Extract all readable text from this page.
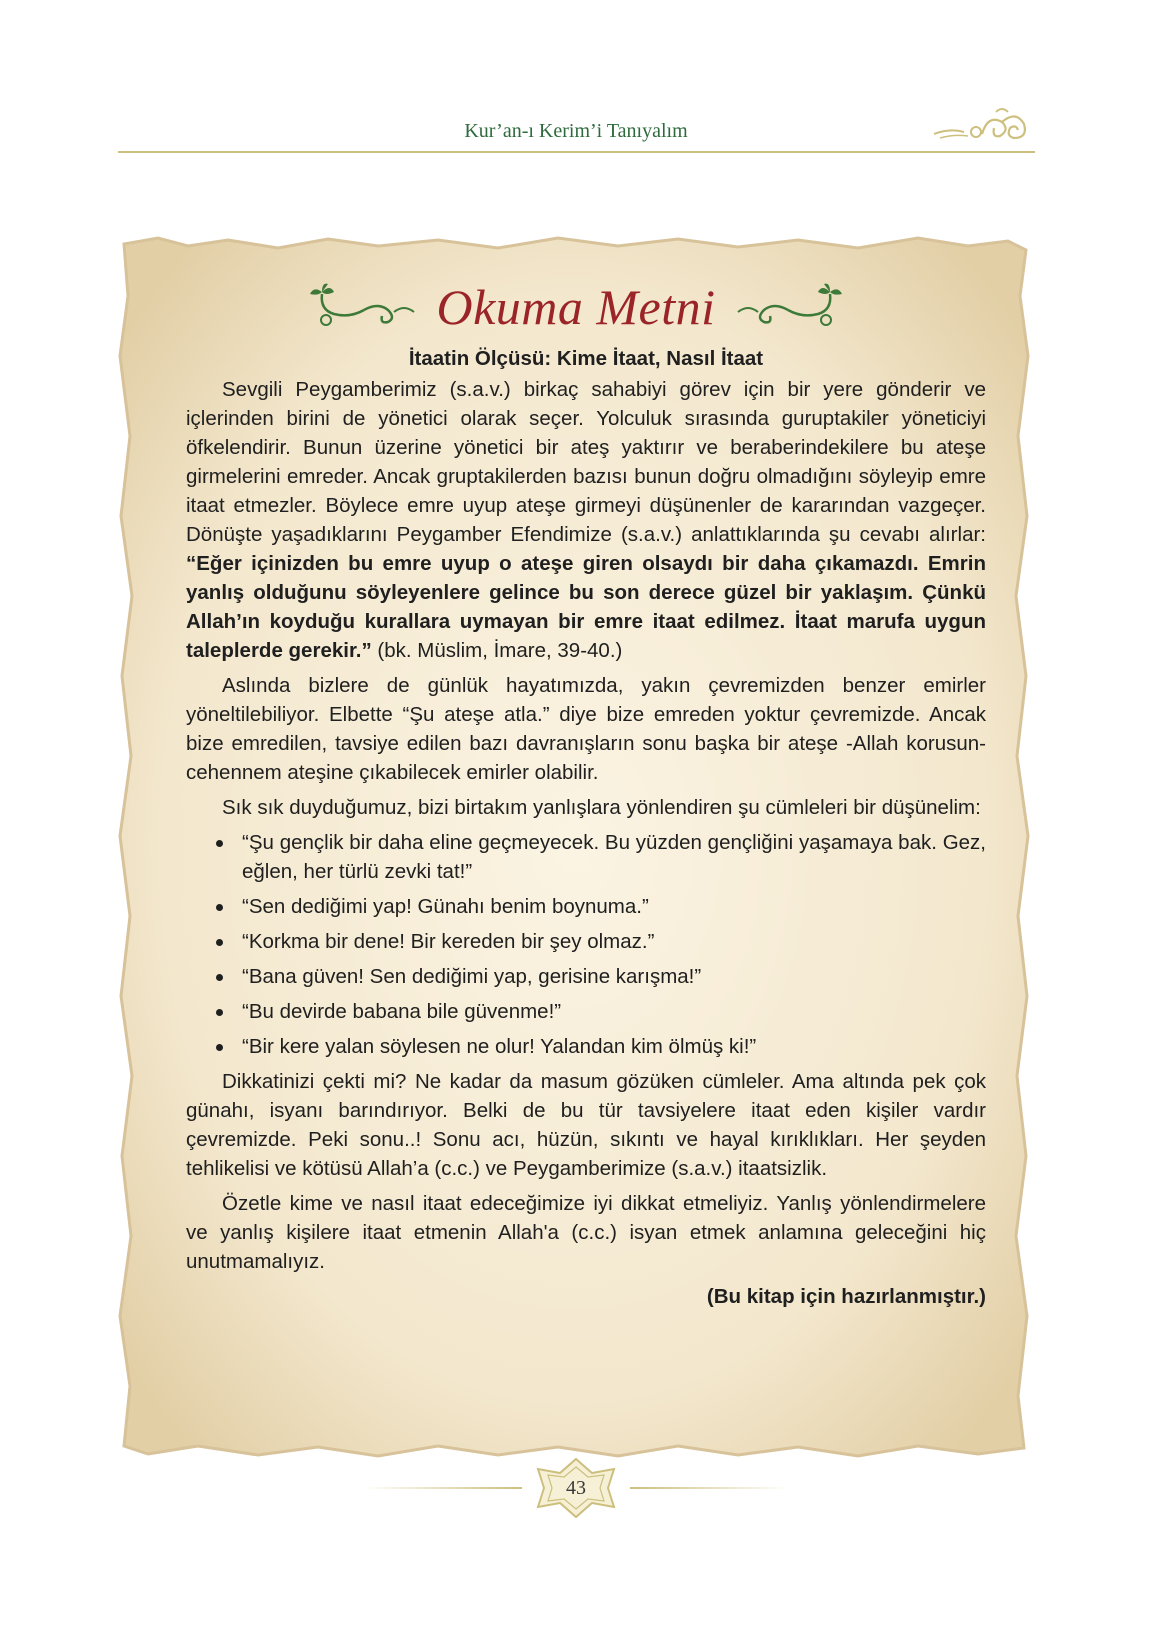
Kur’an-ı Kerim’i Tanıyalım
Okuma Metni
İtaatin Ölçüsü: Kime İtaat, Nasıl İtaat

Sevgili Peygamberimiz (s.a.v.) birkaç sahabiyi görev için bir yere gönderir ve içlerinden birini de yönetici olarak seçer. Yolculuk sırasında guruptakiler yöneticiyi öfkelendirir. Bunun üzerine yönetici bir ateş yaktırır ve beraberindekilere bu ateşe girmelerini emreder. Ancak gruptakilerden bazısı bunun doğru olmadığını söyleyip emre itaat etmezler. Böylece emre uyup ateşe girmeyi düşünenler de kararından vazgeçer. Dönüşte yaşadıklarını Peygamber Efendimize (s.a.v.) anlattıklarında şu cevabı alırlar: “Eğer içinizden bu emre uyup o ateşe giren olsaydı bir daha çıkamazdı. Emrin yanlış olduğunu söyleyenlere gelince bu son derece güzel bir yaklaşım. Çünkü Allah’ın koyduğu kurallara uymayan bir emre itaat edilmez. İtaat marufa uygun taleplerde gerekir.” (bk. Müslim, İmare, 39-40.)

Aslında bizlere de günlük hayatımızda, yakın çevremizden benzer emirler yöneltilebiliyor. Elbette “Şu ateşe atla.” diye bize emreden yoktur çevremizde. Ancak bize emredilen, tavsiye edilen bazı davranışların sonu başka bir ateşe -Allah korusun- cehennem ateşine çıkabilecek emirler olabilir.

Sık sık duyduğumuz, bizi birtakım yanlışlara yönlendiren şu cümleleri bir düşünelim:

“Şu gençlik bir daha eline geçmeyecek. Bu yüzden gençliğini yaşamaya bak. Gez, eğlen, her türlü zevki tat!”
“Sen dediğimi yap! Günahı benim boynuma.”
“Korkma bir dene! Bir kereden bir şey olmaz.”
“Bana güven! Sen dediğimi yap, gerisine karışma!”
“Bu devirde babana bile güvenme!”
“Bir kere yalan söylesen ne olur! Yalandan kim ölmüş ki!”

Dikkatinizi çekti mi? Ne kadar da masum gözüken cümleler. Ama altında pek çok günahı, isyanı barındırıyor. Belki de bu tür tavsiyelere itaat eden kişiler vardır çevremizde. Peki sonu..! Sonu acı, hüzün, sıkıntı ve hayal kırıklıkları. Her şeyden tehlikelisi ve kötüsü Allah’a (c.c.) ve Peygamberimize (s.a.v.) itaatsizlik.

Özetle kime ve nasıl itaat edeceğimize iyi dikkat etmeliyiz. Yanlış yönlendirmelere ve yanlış kişilere itaat etmenin Allah'a (c.c.) isyan etmek anlamına geleceğini hiç unutmamalıyız.

(Bu kitap için hazırlanmıştır.)
43
